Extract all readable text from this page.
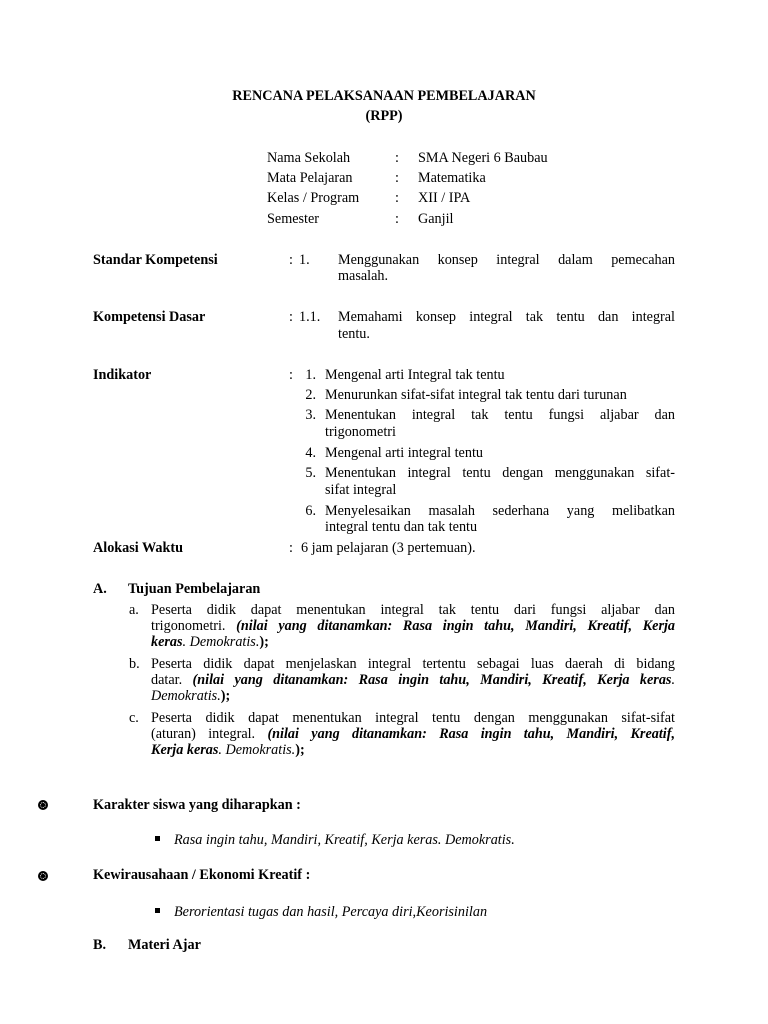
RENCANA PELAKSANAAN PEMBELAJARAN
(RPP)
Nama Sekolah	: SMA Negeri 6 Baubau
Mata Pelajaran	: Matematika
Kelas / Program	: XII / IPA
Semester	: Ganjil
Standar Kompetensi	: 1. Menggunakan konsep integral dalam pemecahan
masalah.
Kompetensi Dasar	: 1.1. Memahami konsep integral tak tentu dan integral
tentu.
Indikator	: 1. Mengenal arti Integral tak tentu
2. Menurunkan sifat-sifat integral tak tentu dari turunan
3. Menentukan integral tak tentu fungsi aljabar dan
trigonometri
4. Mengenal arti integral tentu
5. Menentukan integral tentu dengan menggunakan sifat-
sifat integral
6. Menyelesaikan masalah sederhana yang melibatkan
integral tentu dan tak tentu
Alokasi Waktu	: 6 jam pelajaran (3 pertemuan).
A. Tujuan Pembelajaran
a. Peserta didik dapat menentukan integral tak tentu dari fungsi aljabar dan
trigonometri. (nilai yang ditanamkan: Rasa ingin tahu, Mandiri, Kreatif, Kerja
keras. Demokratis.);
b. Peserta didik dapat menjelaskan integral tertentu sebagai luas daerah di bidang
datar. (nilai yang ditanamkan: Rasa ingin tahu, Mandiri, Kreatif, Kerja keras.
Demokratis.);
c. Peserta didik dapat menentukan integral tentu dengan menggunakan sifat-sifat
(aturan) integral. (nilai yang ditanamkan: Rasa ingin tahu, Mandiri, Kreatif,
Kerja keras. Demokratis.);
Karakter siswa yang diharapkan :
Rasa ingin tahu, Mandiri, Kreatif, Kerja keras. Demokratis.
Kewirausahaan / Ekonomi Kreatif :
Berorientasi tugas dan hasil, Percaya diri,Keorisinilan
B. Materi Ajar
